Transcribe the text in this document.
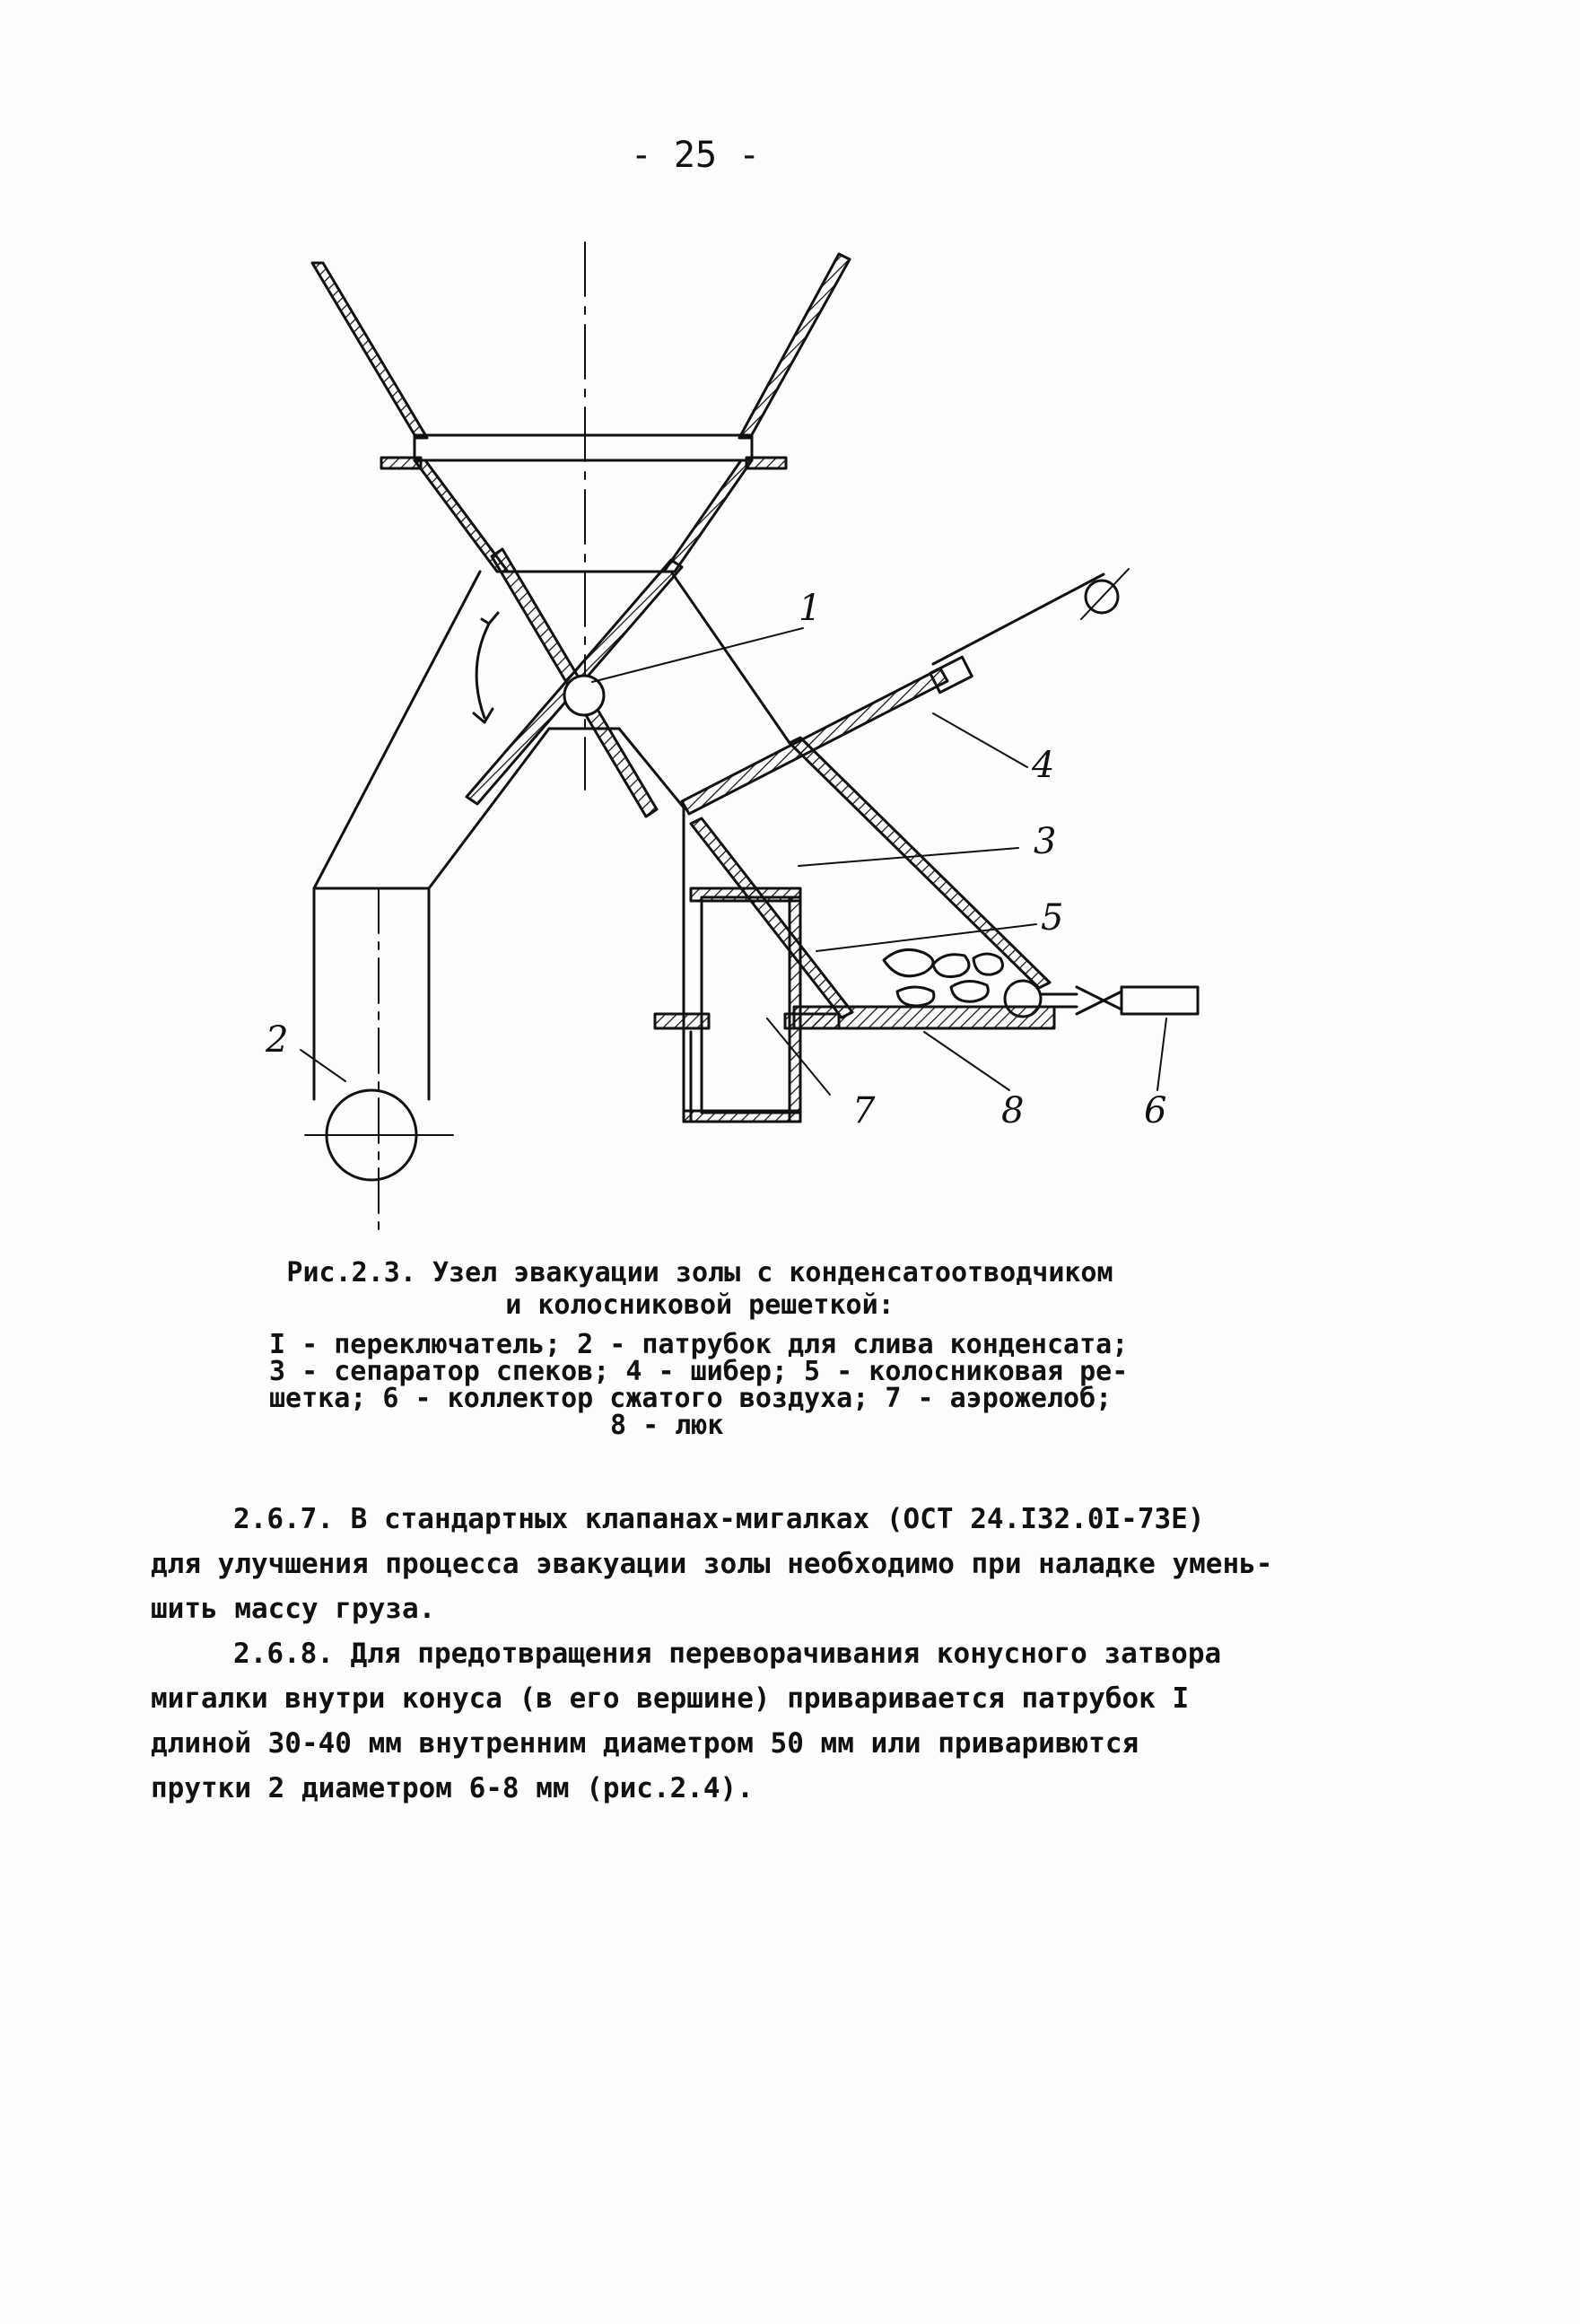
- 25 -
1
2
3
4
5
6
7	8
Рис.2.3. Узел эвакуации золы с конденсатоотводчиком
и колосниковой решеткой:
I - переключатель; 2 - патрубок для слива конденсата;
3 - сепаратор спеков; 4 - шибер; 5 - колосниковая ре-
шетка; 6 - коллектор сжатого воздуха; 7 - аэрожелоб;
8 - люк
2.6.7. В стандартных клапанах-мигалках (ОСТ 24.I32.0I-73Е)
для улучшения процесса эвакуации золы необходимо при наладке умень-
шить массу груза.
2.6.8. Для предотвращения переворачивания конусного затвора
мигалки внутри конуса (в его вершине) приваривается патрубок I
длиной 30-40 мм внутренним диаметром 50 мм или приваривются
прутки 2 диаметром 6-8 мм (рис.2.4).
